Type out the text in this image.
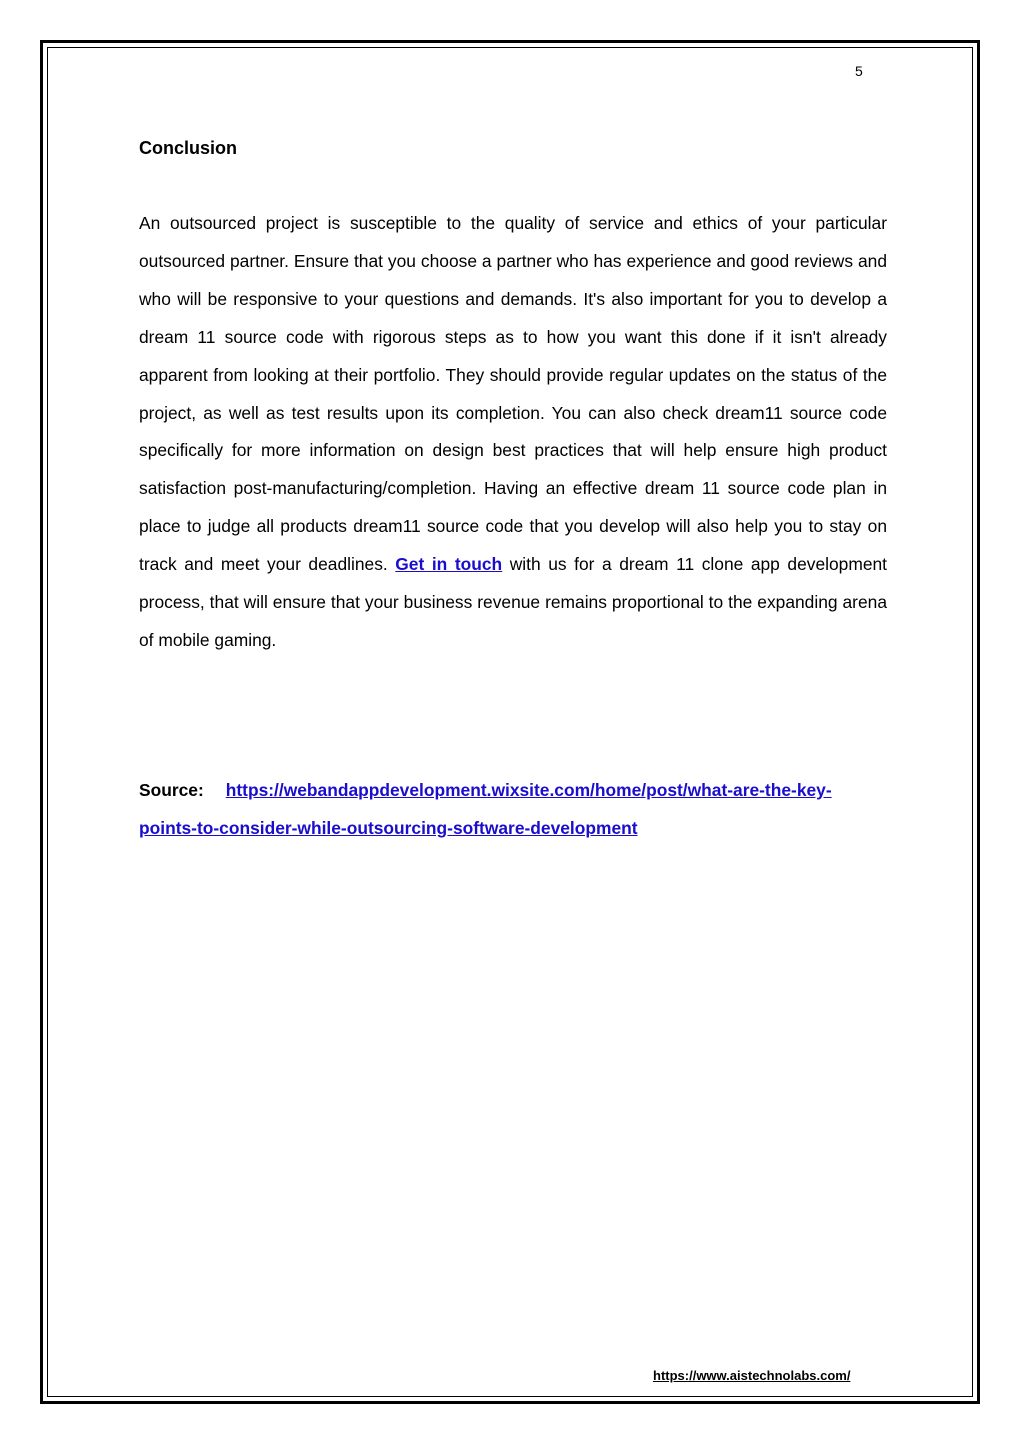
5
Conclusion

An outsourced project is susceptible to the quality of service and ethics of your particular outsourced partner. Ensure that you choose a partner who has experience and good reviews and who will be responsive to your questions and demands. It's also important for you to develop a dream 11 source code with rigorous steps as to how you want this done if it isn't already apparent from looking at their portfolio. They should provide regular updates on the status of the project, as well as test results upon its completion. You can also check dream11 source code specifically for more information on design best practices that will help ensure high product satisfaction post-manufacturing/completion. Having an effective dream 11 source code plan in place to judge all products dream11 source code that you develop will also help you to stay on track and meet your deadlines. Get in touch with us for a dream 11 clone app development process, that will ensure that your business revenue remains proportional to the expanding arena of mobile gaming.

Source: https://webandappdevelopment.wixsite.com/home/post/what-are-the-key-points-to-consider-while-outsourcing-software-development

https://www.aistechnolabs.com/
